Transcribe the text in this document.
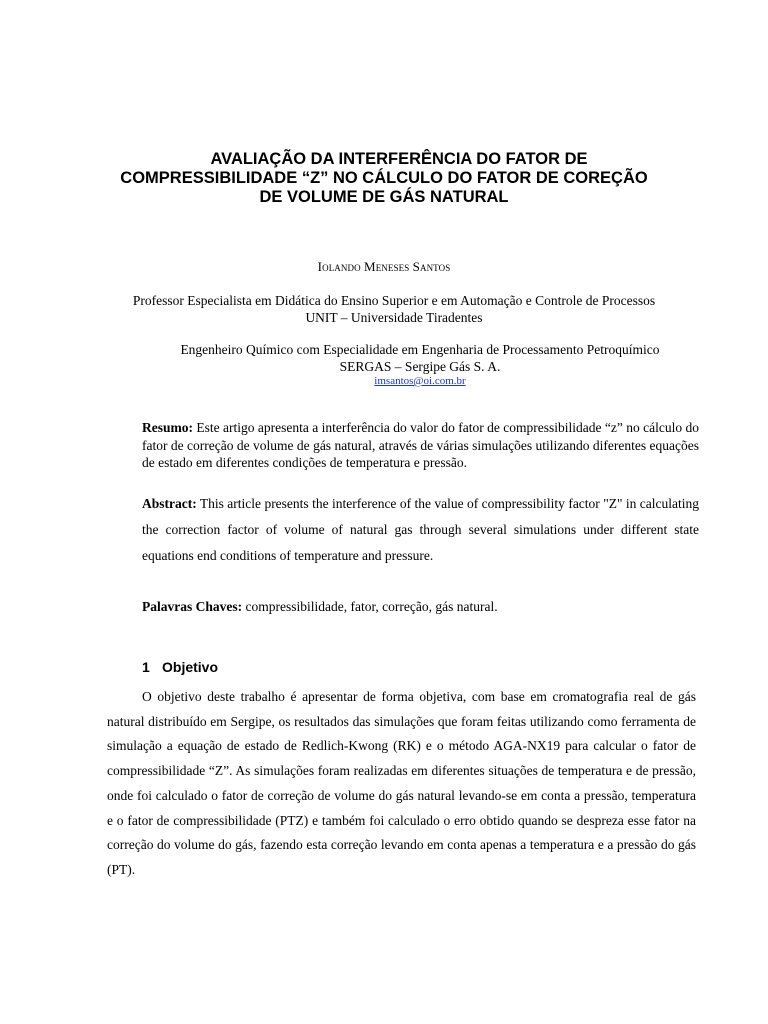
AVALIAÇÃO DA INTERFERÊNCIA DO FATOR DE
COMPRESSIBILIDADE “Z” NO CÁLCULO DO FATOR DE COREÇÃO
DE VOLUME DE GÁS NATURAL
Iolando Meneses Santos
Professor Especialista em Didática do Ensino Superior e em Automação e Controle de Processos
UNIT – Universidade Tiradentes
Engenheiro Químico com Especialidade em Engenharia de Processamento Petroquímico
SERGAS – Sergipe Gás S. A.
imsantos@oi.com.br
Resumo: Este artigo apresenta a interferência do valor do fator de compressibilidade “z” no cálculo do fator de correção de volume de gás natural, através de várias simulações utilizando diferentes equações de estado em diferentes condições de temperatura e pressão.
Abstract: This article presents the interference of the value of compressibility factor "Z" in calculating the correction factor of volume of natural gas through several simulations under different state equations end conditions of temperature and pressure.
Palavras Chaves: compressibilidade, fator, correção, gás natural.
1 Objetivo

O objetivo deste trabalho é apresentar de forma objetiva, com base em cromatografia real de gás natural distribuído em Sergipe, os resultados das simulações que foram feitas utilizando como ferramenta de simulação a equação de estado de Redlich-Kwong (RK) e o método AGA-NX19 para calcular o fator de compressibilidade “Z”. As simulações foram realizadas em diferentes situações de temperatura e de pressão, onde foi calculado o fator de correção de volume do gás natural levando-se em conta a pressão, temperatura e o fator de compressibilidade (PTZ) e também foi calculado o erro obtido quando se despreza esse fator na correção do volume do gás, fazendo esta correção levando em conta apenas a temperatura e a pressão do gás (PT).
